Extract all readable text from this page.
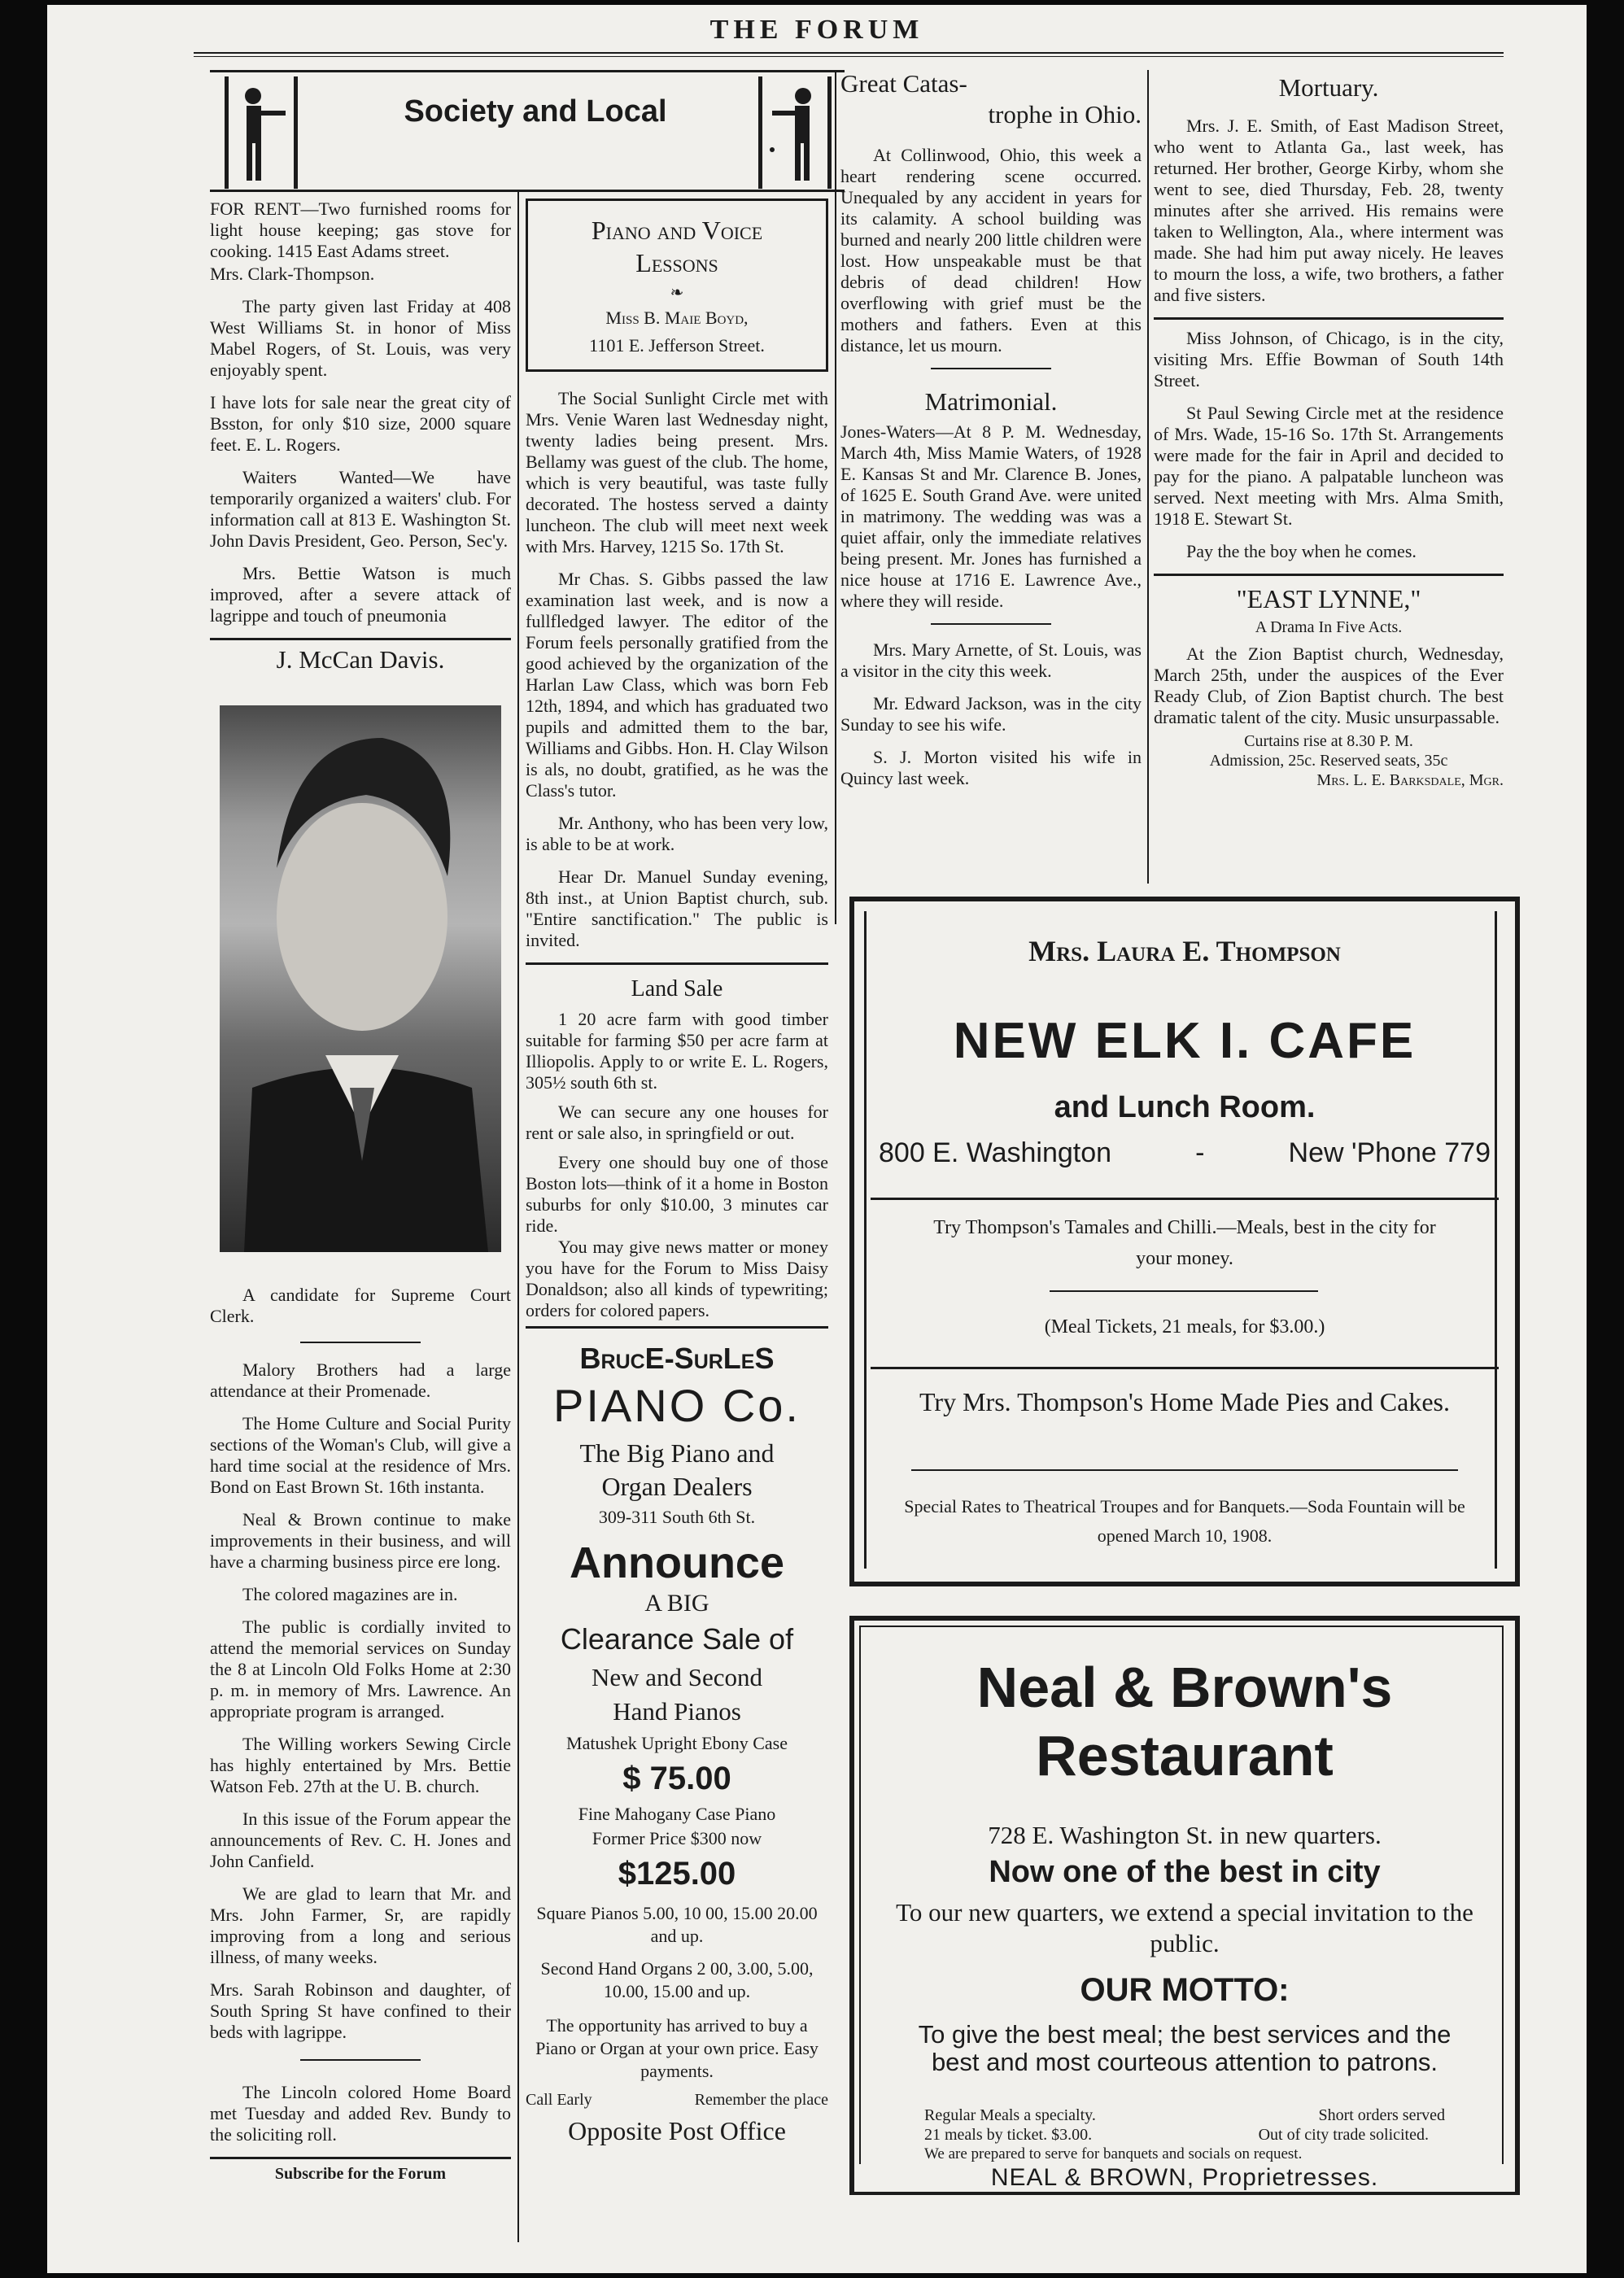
THE FORUM
Society and Local

FOR RENT—Two furnished rooms for light house keeping; gas stove for cooking. 1415 East Adams street.

Mrs. Clark-Thompson.

The party given last Friday at 408 West Williams St. in honor of Miss Mabel Rogers, of St. Louis, was very enjoyably spent.

I have lots for sale near the great city of Bsston, for only $10 size, 2000 square feet. E. L. Rogers.

Waiters Wanted—We have temporarily organized a waiters' club. For information call at 813 E. Washington St. John Davis President, Geo. Person, Sec'y.

Mrs. Bettie Watson is much improved, after a severe attack of lagrippe and touch of pneumonia

J. McCan Davis.

A candidate for Supreme Court Clerk.

Malory Brothers had a large attendance at their Promenade.

The Home Culture and Social Purity sections of the Woman's Club, will give a hard time social at the residence of Mrs. Bond on East Brown St. 16th instanta.

Neal & Brown continue to make improvements in their business, and will have a charming business pirce ere long.

The colored magazines are in.

The public is cordially invited to attend the memorial services on Sunday the 8 at Lincoln Old Folks Home at 2:30 p. m. in memory of Mrs. Lawrence. An appropriate program is arranged.

The Willing workers Sewing Circle has highly entertained by Mrs. Bettie Watson Feb. 27th at the U. B. church.

In this issue of the Forum appear the announcements of Rev. C. H. Jones and John Canfield.

We are glad to learn that Mr. and Mrs. John Farmer, Sr, are rapidly improving from a long and serious illness, of many weeks.

Mrs. Sarah Robinson and daughter, of South Spring St have confined to their beds with lagrippe.

The Lincoln colored Home Board met Tuesday and added Rev. Bundy to the soliciting roll.

Subscribe for the Forum
Piano and Voice Lessons
❧
Miss B. Maie Boyd,
1101 E. Jefferson Street.

The Social Sunlight Circle met with Mrs. Venie Waren last Wednesday night, twenty ladies being present. Mrs. Bellamy was guest of the club. The home, which is very beautiful, was taste fully decorated. The hostess served a dainty luncheon. The club will meet next week with Mrs. Harvey, 1215 So. 17th St.

Mr Chas. S. Gibbs passed the law examination last week, and is now a fullfledged lawyer. The editor of the Forum feels personally gratified from the good achieved by the organization of the Harlan Law Class, which was born Feb 12th, 1894, and which has graduated two pupils and admitted them to the bar, Williams and Gibbs. Hon. H. Clay Wilson is als, no doubt, gratified, as he was the Class's tutor.

Mr. Anthony, who has been very low, is able to be at work.

Hear Dr. Manuel Sunday evening, 8th inst., at Union Baptist church, sub. "Entire sanctification." The public is invited.

Land Sale

1 20 acre farm with good timber suitable for farming $50 per acre farm at Illiopolis. Apply to or write E. L. Rogers, 305½ south 6th st.

We can secure any one houses for rent or sale also, in springfield or out.

Every one should buy one of those Boston lots—think of it a home in Boston suburbs for only $10.00, 3 minutes car ride.

You may give news matter or money you have for the Forum to Miss Daisy Donaldson; also all kinds of typewriting; orders for colored papers.

BrucE-SurLeS
PIANO Co.
The Big Piano and
Organ Dealers
309-311 South 6th St.
Announce
A BIG
Clearance Sale of
New and Second
Hand Pianos
Matushek Upright Ebony Case
$ 75.00
Fine Mahogany Case Piano
Former Price $300 now
$125.00
Square Pianos 5.00, 10 00, 15.00 20.00 and up.
Second Hand Organs 2 00, 3.00, 5.00, 10.00, 15.00 and up.
The opportunity has arrived to buy a Piano or Organ at your own price. Easy payments.
Call Early	Remember the place
Opposite Post Office
Great Catas-
trophe in Ohio.

At Collinwood, Ohio, this week a heart rendering scene occurred. Unequaled by any accident in years for its calamity. A school building was burned and nearly 200 little children were lost. How unspeakable must be that debris of dead children! How overflowing with grief must be the mothers and fathers. Even at this distance, let us mourn.

Matrimonial.

Jones-Waters—At 8 P. M. Wednesday, March 4th, Miss Mamie Waters, of 1928 E. Kansas St and Mr. Clarence B. Jones, of 1625 E. South Grand Ave. were united in matrimony. The wedding was was a quiet affair, only the immediate relatives being present. Mr. Jones has furnished a nice house at 1716 E. Lawrence Ave., where they will reside.

Mrs. Mary Arnette, of St. Louis, was a visitor in the city this week.

Mr. Edward Jackson, was in the city Sunday to see his wife.

S. J. Morton visited his wife in Quincy last week.

Mortuary.

Mrs. J. E. Smith, of East Madison Street, who went to Atlanta Ga., last week, has returned. Her brother, George Kirby, whom she went to see, died Thursday, Feb. 28, twenty minutes after she arrived. His remains were taken to Wellington, Ala., where interment was made. She had him put away nicely. He leaves to mourn the loss, a wife, two brothers, a father and five sisters.

Miss Johnson, of Chicago, is in the city, visiting Mrs. Effie Bowman of South 14th Street.

St Paul Sewing Circle met at the residence of Mrs. Wade, 15-16 So. 17th St. Arrangements were made for the fair in April and decided to pay for the piano. A palpatable luncheon was served. Next meeting with Mrs. Alma Smith, 1918 E. Stewart St.

Pay the the boy when he comes.

"EAST LYNNE,"
A Drama In Five Acts.

At the Zion Baptist church, Wednesday, March 25th, under the auspices of the Ever Ready Club, of Zion Baptist church. The best dramatic talent of the city. Music unsurpassable.

Curtains rise at 8.30 P. M.
Admission, 25c. Reserved seats, 35c
Mrs. L. E. Barksdale, Mgr.
Mrs. Laura E. Thompson
NEW ELK I. CAFE
and Lunch Room.
800 E. Washington	-	New 'Phone 779
Try Thompson's Tamales and Chilli.—Meals, best in the city for your money.
(Meal Tickets, 21 meals, for $3.00.)
Try Mrs. Thompson's Home Made Pies and Cakes.
Special Rates to Theatrical Troupes and for Banquets.—Soda Fountain will be opened March 10, 1908.
Neal & Brown's
Restaurant
728 E. Washington St. in new quarters.
Now one of the best in city
To our new quarters, we extend a special invitation to the public.
OUR MOTTO:
To give the best meal; the best services and the best and most courteous attention to patrons.
Regular Meals a specialty.	Short orders served
21 meals by ticket. $3.00.	Out of city trade solicited.
We are prepared to serve for banquets and socials on request.
NEAL & BROWN, Proprietresses.
